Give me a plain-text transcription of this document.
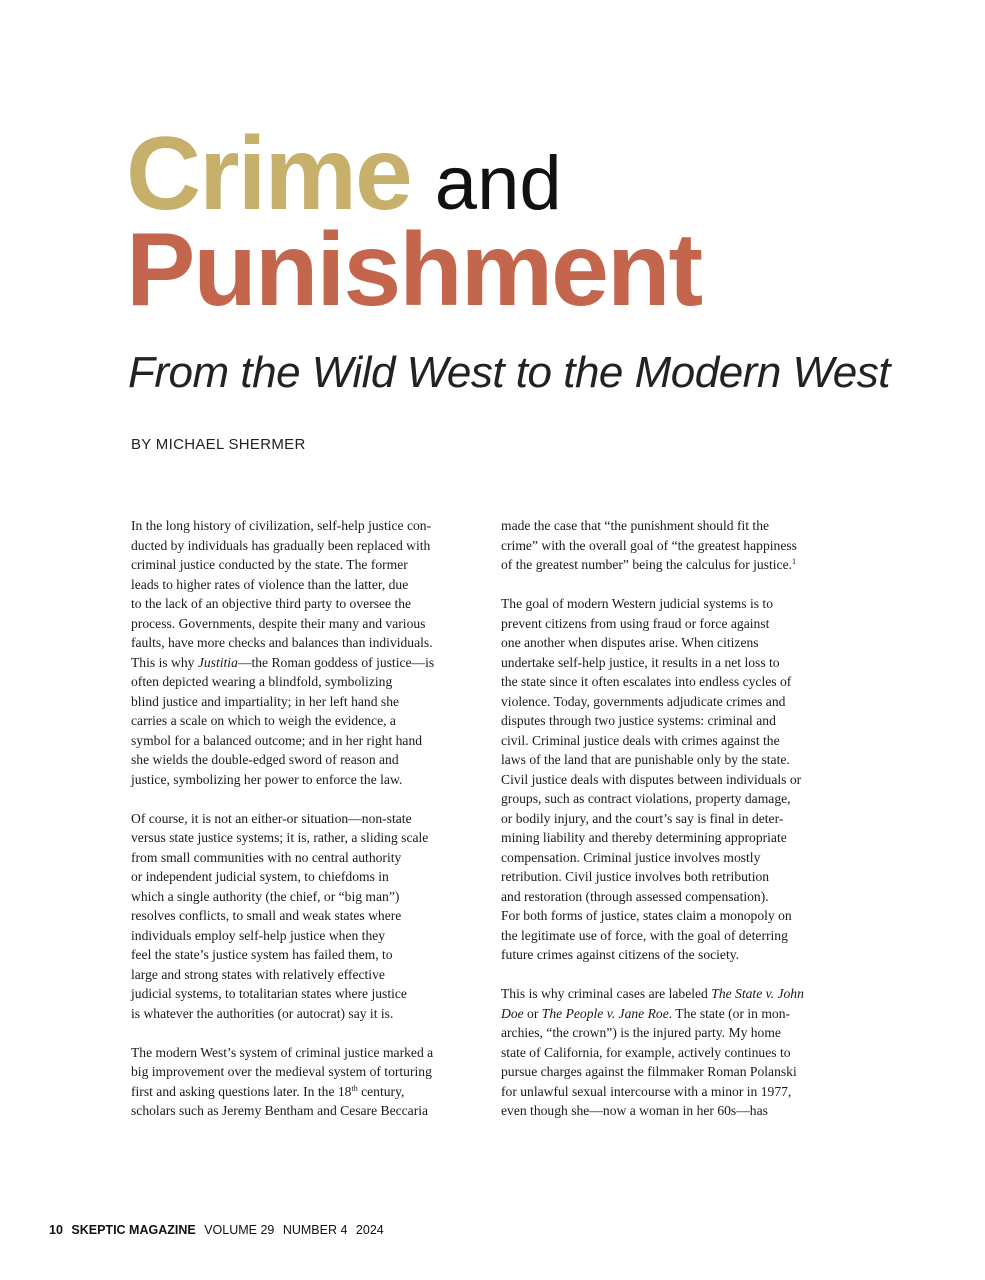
Crime and
Punishment
From the Wild West to the Modern West
BY MICHAEL SHERMER

In the long history of civilization, self-help justice con-
ducted by individuals has gradually been replaced with
criminal justice conducted by the state. The former
leads to higher rates of violence than the latter, due
to the lack of an objective third party to oversee the
process. Governments, despite their many and various
faults, have more checks and balances than individuals.
This is why Justitia—the Roman goddess of justice—is
often depicted wearing a blindfold, symbolizing
blind justice and impartiality; in her left hand she
carries a scale on which to weigh the evidence, a
symbol for a balanced outcome; and in her right hand
she wields the double-edged sword of reason and
justice, symbolizing her power to enforce the law.

Of course, it is not an either-or situation—non-state
versus state justice systems; it is, rather, a sliding scale
from small communities with no central authority
or independent judicial system, to chiefdoms in
which a single authority (the chief, or “big man”)
resolves conflicts, to small and weak states where
individuals employ self-help justice when they
feel the state’s justice system has failed them, to
large and strong states with relatively effective
judicial systems, to totalitarian states where justice
is whatever the authorities (or autocrat) say it is.

The modern West’s system of criminal justice marked a
big improvement over the medieval system of torturing
first and asking questions later. In the 18th century,
scholars such as Jeremy Bentham and Cesare Beccaria

made the case that “the punishment should fit the
crime” with the overall goal of “the greatest happiness
of the greatest number” being the calculus for justice.$^1$

The goal of modern Western judicial systems is to
prevent citizens from using fraud or force against
one another when disputes arise. When citizens
undertake self-help justice, it results in a net loss to
the state since it often escalates into endless cycles of
violence. Today, governments adjudicate crimes and
disputes through two justice systems: criminal and
civil. Criminal justice deals with crimes against the
laws of the land that are punishable only by the state.
Civil justice deals with disputes between individuals or
groups, such as contract violations, property damage,
or bodily injury, and the court’s say is final in deter-
mining liability and thereby determining appropriate
compensation. Criminal justice involves mostly
retribution. Civil justice involves both retribution
and restoration (through assessed compensation).
For both forms of justice, states claim a monopoly on
the legitimate use of force, with the goal of deterring
future crimes against citizens of the society.

This is why criminal cases are labeled The State v. John
Doe or The People v. Jane Roe. The state (or in mon-
archies, “the crown”) is the injured party. My home
state of California, for example, actively continues to
pursue charges against the filmmaker Roman Polanski
for unlawful sexual intercourse with a minor in 1977,
even though she—now a woman in her 60s—has

10 SKEPTIC MAGAZINE VOLUME 29 NUMBER 4 2024
